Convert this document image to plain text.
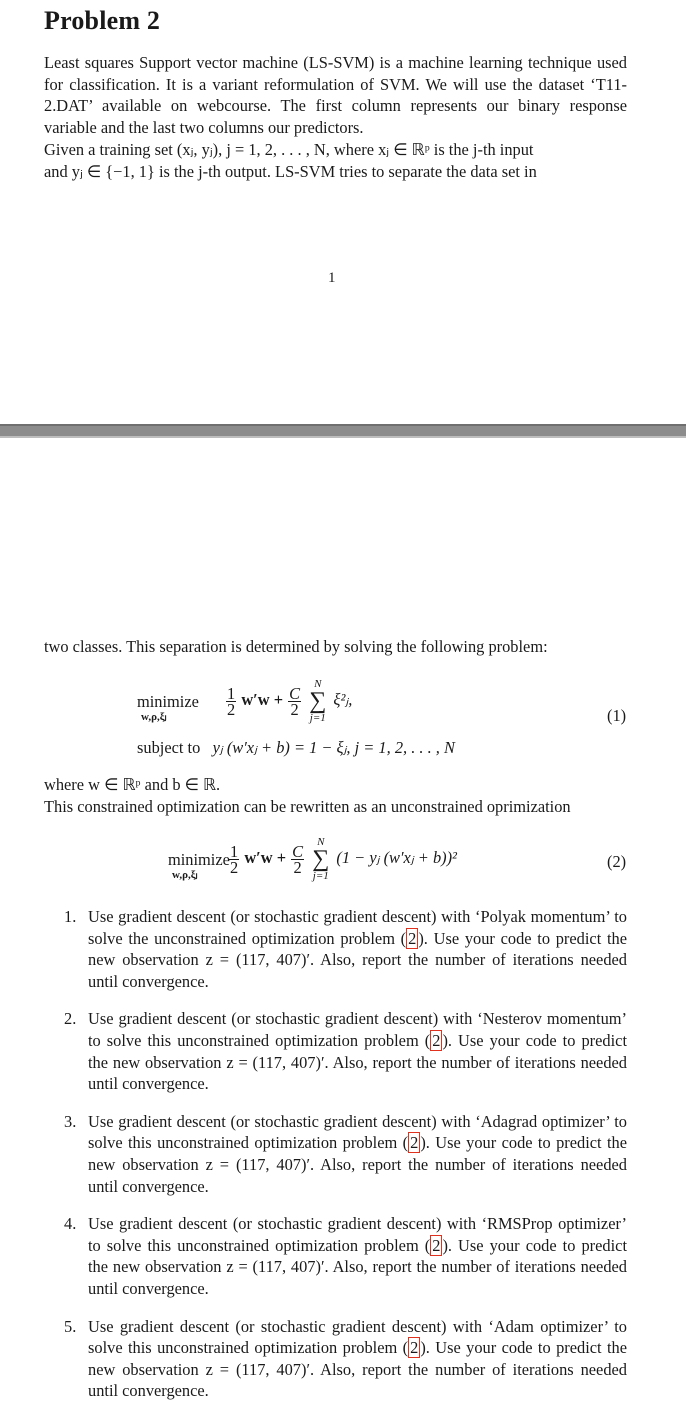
Problem 2

Least squares Support vector machine (LS-SVM) is a machine learning technique used for classification. It is a variant reformulation of SVM. We will use the dataset ‘T11-2.DAT’ available on webcourse. The first column represents our binary response variable and the last two columns our predictors.

Given a training set (xⱼ, yⱼ), j = 1, 2, . . . , N, where xⱼ ∈ ℝᵖ is the j-th input
and yⱼ ∈ {−1, 1} is the j-th output. LS-SVM tries to separate the data set in
1

two classes. This separation is determined by solving the following problem:

minimize
w,ρ,ξⱼ
$\frac{1}{2} w'w + \frac{C}{2}$

N
∑
j=1
ξ²ⱼ,
subject to yⱼ (w′xⱼ + b) = 1 − ξⱼ, j = 1, 2, . . . , N
(1)
where w ∈ ℝᵖ and b ∈ ℝ.

This constrained optimization can be rewritten as an unconstrained oprimization

minimize
w,ρ,ξⱼ
$\frac{1}{2} w'w + \frac{C}{2}$

N
∑
j=1
(1 − yⱼ (w′xⱼ + b))²	(2)
1. Use gradient descent (or stochastic gradient descent) with ‘Polyak momentum’ to solve the unconstrained optimization problem ( 2 ). Use your code to predict the new observation z = (117, 407)′. Also, report the number of iterations needed until convergence.
2. Use gradient descent (or stochastic gradient descent) with ‘Nesterov momentum’ to solve this unconstrained optimization problem ( 2 ). Use your code to predict the new observation z = (117, 407)′. Also, report the number of iterations needed until convergence.
3. Use gradient descent (or stochastic gradient descent) with ‘Adagrad optimizer’ to solve this unconstrained optimization problem ( 2 ). Use your code to predict the new observation z = (117, 407)′. Also, report the number of iterations needed until convergence.
4. Use gradient descent (or stochastic gradient descent) with ‘RMSProp optimizer’ to solve this unconstrained optimization problem ( 2 ). Use your code to predict the new observation z = (117, 407)′. Also, report the number of iterations needed until convergence.
5. Use gradient descent (or stochastic gradient descent) with ‘Adam optimizer’ to solve this unconstrained optimization problem ( 2 ). Use your code to predict the new observation z = (117, 407)′. Also, report the number of iterations needed until convergence.
